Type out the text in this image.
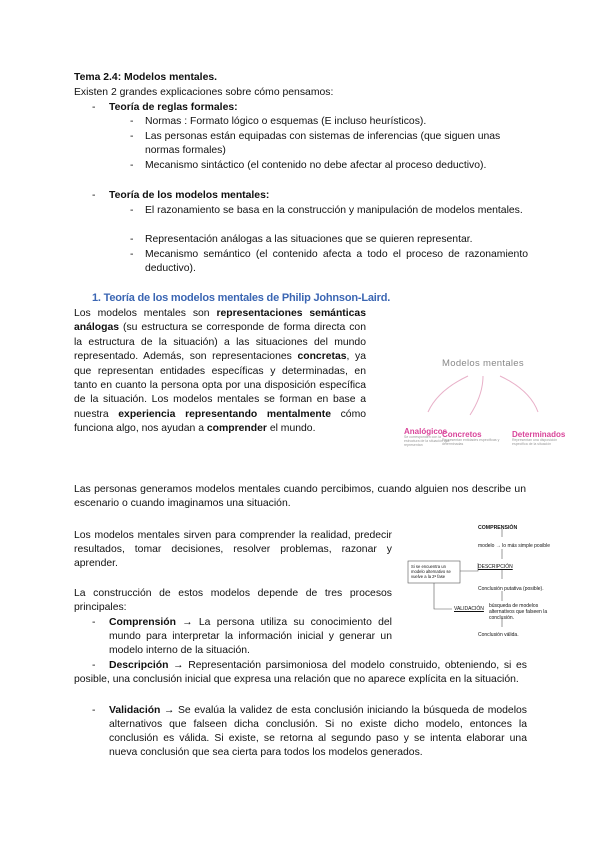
Tema 2.4: Modelos mentales.
Existen 2 grandes explicaciones sobre cómo pensamos:
- Teoría de reglas formales:
- Normas : Formato lógico o esquemas (E incluso heurísticos).
- Las personas están equipadas con sistemas de inferencias (que siguen unas normas formales)
- Mecanismo sintáctico (el contenido no debe afectar al proceso deductivo).
- Teoría de los modelos mentales:
- El razonamiento se basa en la construcción y manipulación de modelos mentales.
- Representación análogas a las situaciones que se quieren representar.
- Mecanismo semántico (el contenido afecta a todo el proceso de razonamiento deductivo).
1. Teoría de los modelos mentales de Philip Johnson-Laird.
Los modelos mentales son representaciones semánticas análogas (su estructura se corresponde de forma directa con la estructura de la situación) a las situaciones del mundo representado. Además, son representaciones concretas, ya que representan entidades específicas y determinadas, en tanto en cuanto la persona opta por una disposición específica de la situación. Los modelos mentales se forman en base a nuestra experiencia representando mentalmente cómo funciona algo, nos ayudan a comprender el mundo.
Modelos mentales
Analógicos
Se corresponden con la estructura de la situación que representan
Concretos
Representan entidades específicas y determinadas
Determinados
Representan una disposición específica de la situación
Las personas generamos modelos mentales cuando percibimos, cuando alguien nos describe un escenario o cuando imaginamos una situación.
Los modelos mentales sirven para comprender la realidad, predecir resultados, tomar decisiones, resolver problemas, razonar y aprender.
La construcción de estos modelos depende de tres procesos principales:
COMPRENSIÓN
modelo → lo más simple posible
DESCRIPCIÓN
Conclusión putativa (posible).
VALIDACIÓN búsqueda de modelos alternativos que falseen la conclusión.
Conclusión válida.
Si se encuentra un modelo alternativo se vuelve a la 2ª fase
- Comprensión → La persona utiliza su conocimiento del mundo para interpretar la información inicial y generar un modelo interno de la situación.
- Descripción → Representación parsimoniosa del modelo construido, obteniendo, si es posible, una conclusión inicial que expresa una relación que no aparece explícita en la situación.
- Validación → Se evalúa la validez de esta conclusión iniciando la búsqueda de modelos alternativos que falseen dicha conclusión. Si no existe dicho modelo, entonces la conclusión es válida. Si existe, se retorna al segundo paso y se intenta elaborar una nueva conclusión que sea cierta para todos los modelos generados.
